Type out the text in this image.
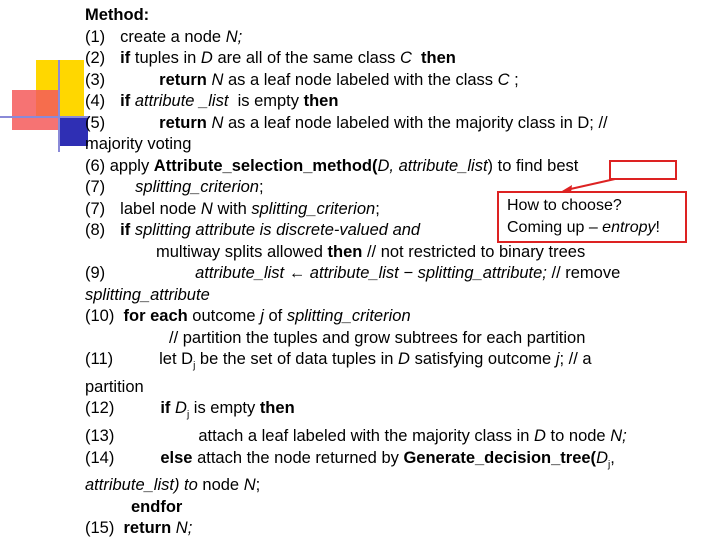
Method:
(1) create a node N;
(2) if tuples in D are all of the same class C then
(3)	return N as a leaf node labeled with the class C ;
(4) if attribute _list is empty then
(5)	return N as a leaf node labeled with the majority class in D; //
majority voting
(6) apply Attribute_selection_method(D, attribute_list) to find best
(7) splitting_criterion;
(7) label node N with splitting_criterion;
(8) if splitting attribute is discrete-valued and
multiway splits allowed then // not restricted to binary trees
(9)	attribute_list ← attribute_list − splitting_attribute; // remove
splitting_attribute
(10) for each outcome j of splitting_criterion
// partition the tuples and grow subtrees for each partition
(11)	let $D_j$ be the set of data tuples in D satisfying outcome j; // a
partition
(12)	if $D_j$ is empty then
(13)	attach a leaf labeled with the majority class in D to node N;
(14)	else attach the node returned by $Generate\_decision\_tree(D_j$,
attribute_list) to node N;
endfor
(15) return N;
How to choose?
Coming up – entropy!
